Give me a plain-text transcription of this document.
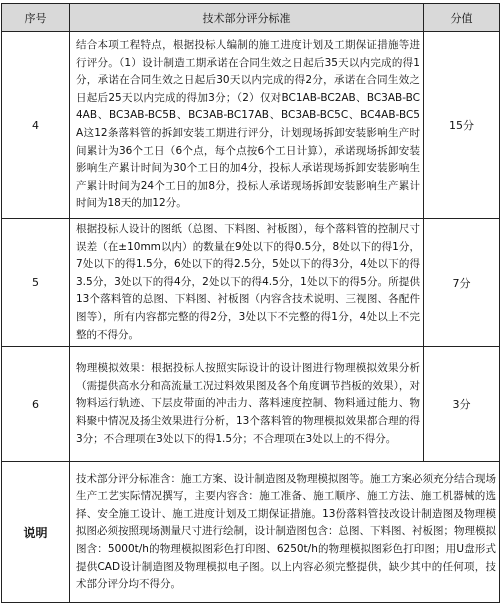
序号	技术部分评分标准	分值
4	结合本项工程特点，根据投标人编制的施工进度计划及工期保证措施等进行评分。（1）设计制造工期承诺在合同生效之日起后35天以内完成的得1分，承诺在合同生效之日起后30天以内完成的得2分，承诺在合同生效之日起后25天以内完成的得加3分；（2）仅对BC1AB-BC2AB、BC3AB-BC4AB、BC3AB-BC5B、BC3AB-BC17AB、BC3AB-BC5C、BC4AB-BC5A这12条落料管的拆卸安装工期进行评分，计划现场拆卸安装影响生产时间累计为36个工日（6个点，每个点按6个工日计算），承诺现场拆卸安装影响生产累计时间为30个工日的加4分，投标人承诺现场拆卸安装影响生产累计时间为24个工日的加8分，投标人承诺现场拆卸安装影响生产累计时间为18天的加12分。	15分
5	根据投标人设计的图纸（总图、下料图、衬板图），每个落料管的控制尺寸误差（在±10mm以内）的数量在9处以下的得0.5分，8处以下的得1分，7处以下的得1.5分，6处以下的得2.5分，5处以下的得3分，4处以下的得3.5分，3处以下的得4分，2处以下的得4.5分，1处以下的得5分。所提供13个落料管的总图、下料图、衬板图（内容含技术说明、三视图、各配件图等），所有内容都完整的得2分，3处以下不完整的得1分，4处以上不完整的不得分。	7分
6	物理模拟效果：根据投标人按照实际设计的设计图进行物理模拟效果分析（需提供高水分和高流量工况过料效果图及各个角度调节挡板的效果），对物料运行轨迹、下层皮带面的冲击力、落料速度控制、物料通过能力、物料聚中情况及扬尘效果进行分析，13个落料管的物理模拟效果都合理的得3分；不合理项在3处以下的得1.5分；不合理项在3处以上的不得分。	3分
说明	技术部分评分标准含：施工方案、设计制造图及物理模拟图等。施工方案必须充分结合现场生产工艺实际情况撰写，主要内容含：施工准备、施工顺序、施工方法、施工机器械的选择、安全施工设计、施工进度计划及工期保证措施。13份落料管技改设计制造图及物理模拟图必须按照现场测量尺寸进行绘制，设计制造图包含：总图、下料图、衬板图；物理模拟图含：5000t/h的物理模拟图彩色打印图、6250t/h的物理模拟图彩色打印图；用U盘形式提供CAD设计制造图及物理模拟电子图。以上内容必须完整提供，缺少其中的任何项，技术部分评分均不得分。	
